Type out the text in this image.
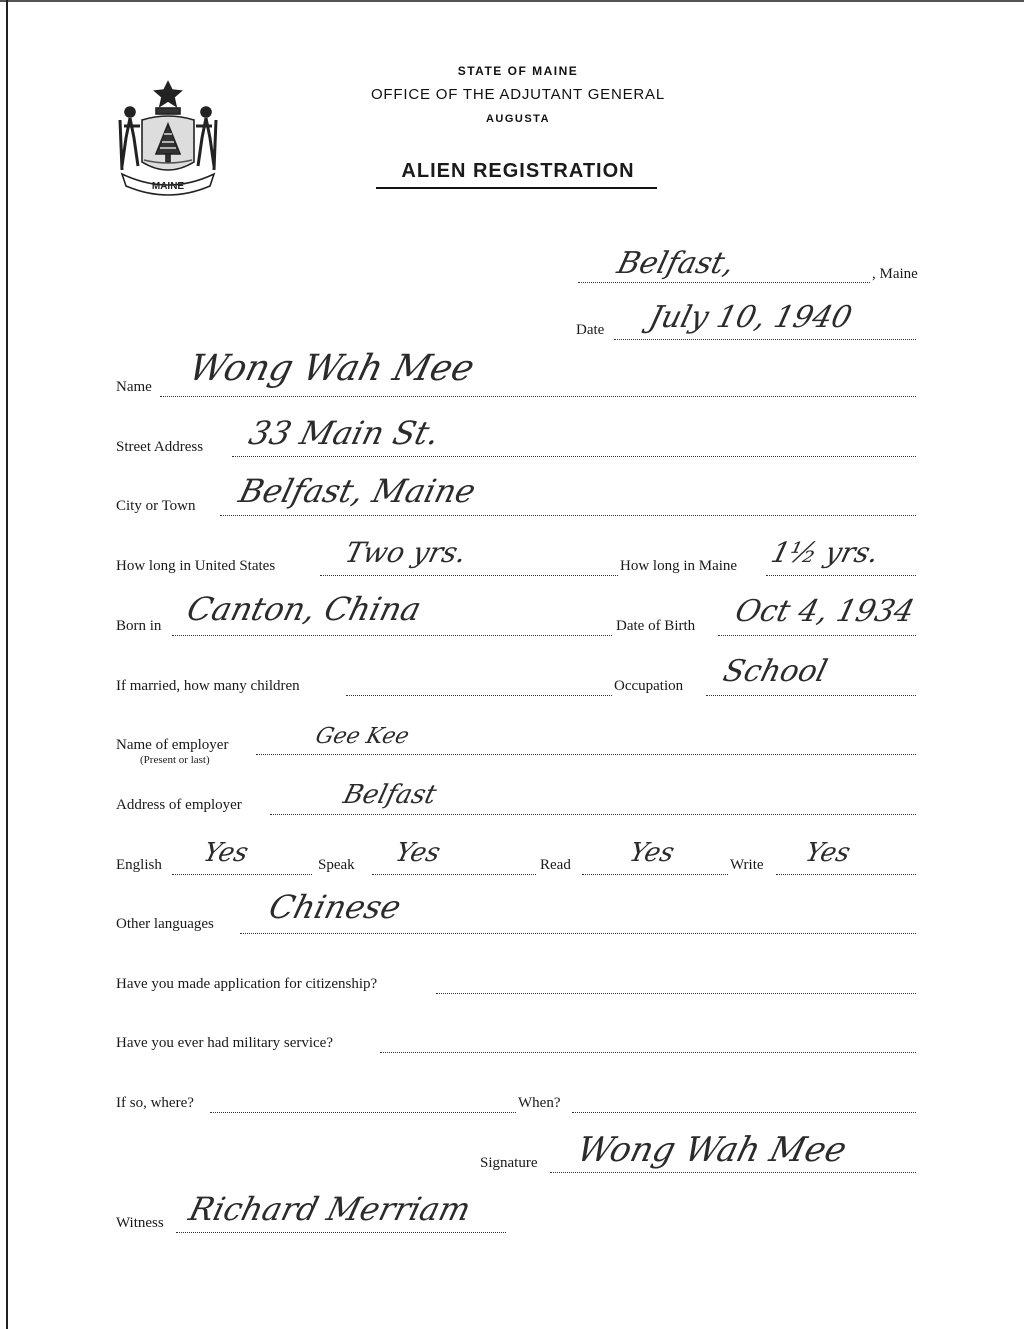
MAINE
STATE OF MAINE
OFFICE OF THE ADJUTANT GENERAL
AUGUSTA
ALIEN REGISTRATION
Belfast,	, Maine
Date July 10, 1940
Name Wong Wah Mee
Street Address 33 Main St.
City or Town Belfast, Maine
How long in United States Two yrs.	How long in Maine 1½ yrs.
Born in Canton, China	Date of Birth Oct 4, 1934
If married, how many children	Occupation School
Name of employer
(Present or last)
Gee Kee
Address of employer	Belfast
English Yes	Speak Yes	Read Yes	Write Yes
Other languages Chinese
Have you made application for citizenship?
Have you ever had military service?
If so, where?	When?
Signature Wong Wah Mee
Witness Richard Merriam
